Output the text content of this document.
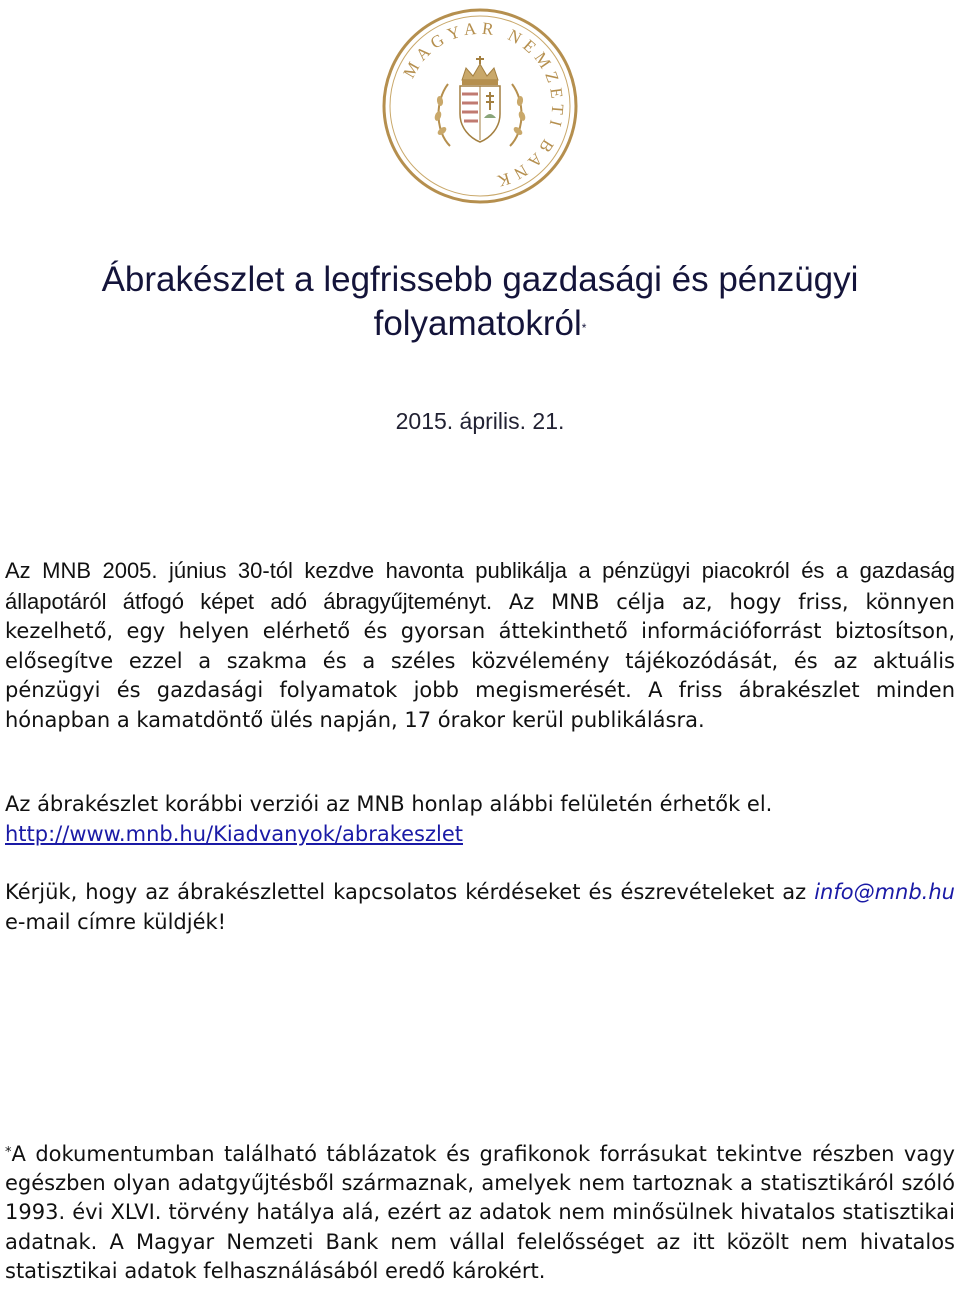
MAGYAR NEMZETI BANK
Ábrakészlet a legfrissebb gazdasági és pénzügyi
folyamatokról*
2015. április. 21.

Az MNB 2005. június 30-tól kezdve havonta publikálja a pénzügyi piacokról és a gazdaság állapotáról átfogó képet adó ábragyűjteményt. Az MNB célja az, hogy friss, könnyen kezelhető, egy helyen elérhető és gyorsan áttekinthető információforrást biztosítson, elősegítve ezzel a szakma és a széles közvélemény tájékozódását, és az aktuális pénzügyi és gazdasági folyamatok jobb megismerését. A friss ábrakészlet minden hónapban a kamatdöntő ülés napján, 17 órakor kerül publikálásra.

Az ábrakészlet korábbi verziói az MNB honlap alábbi felületén érhetők el.
http://www.mnb.hu/Kiadvanyok/abrakeszlet

Kérjük, hogy az ábrakészlettel kapcsolatos kérdéseket és észrevételeket az info@mnb.hu e-mail címre küldjék!

*A dokumentumban található táblázatok és grafikonok forrásukat tekintve részben vagy egészben olyan adatgyűjtésből származnak, amelyek nem tartoznak a statisztikáról szóló 1993. évi XLVI. törvény hatálya alá, ezért az adatok nem minősülnek hivatalos statisztikai adatnak. A Magyar Nemzeti Bank nem vállal felelősséget az itt közölt nem hivatalos statisztikai adatok felhasználásából eredő károkért.
